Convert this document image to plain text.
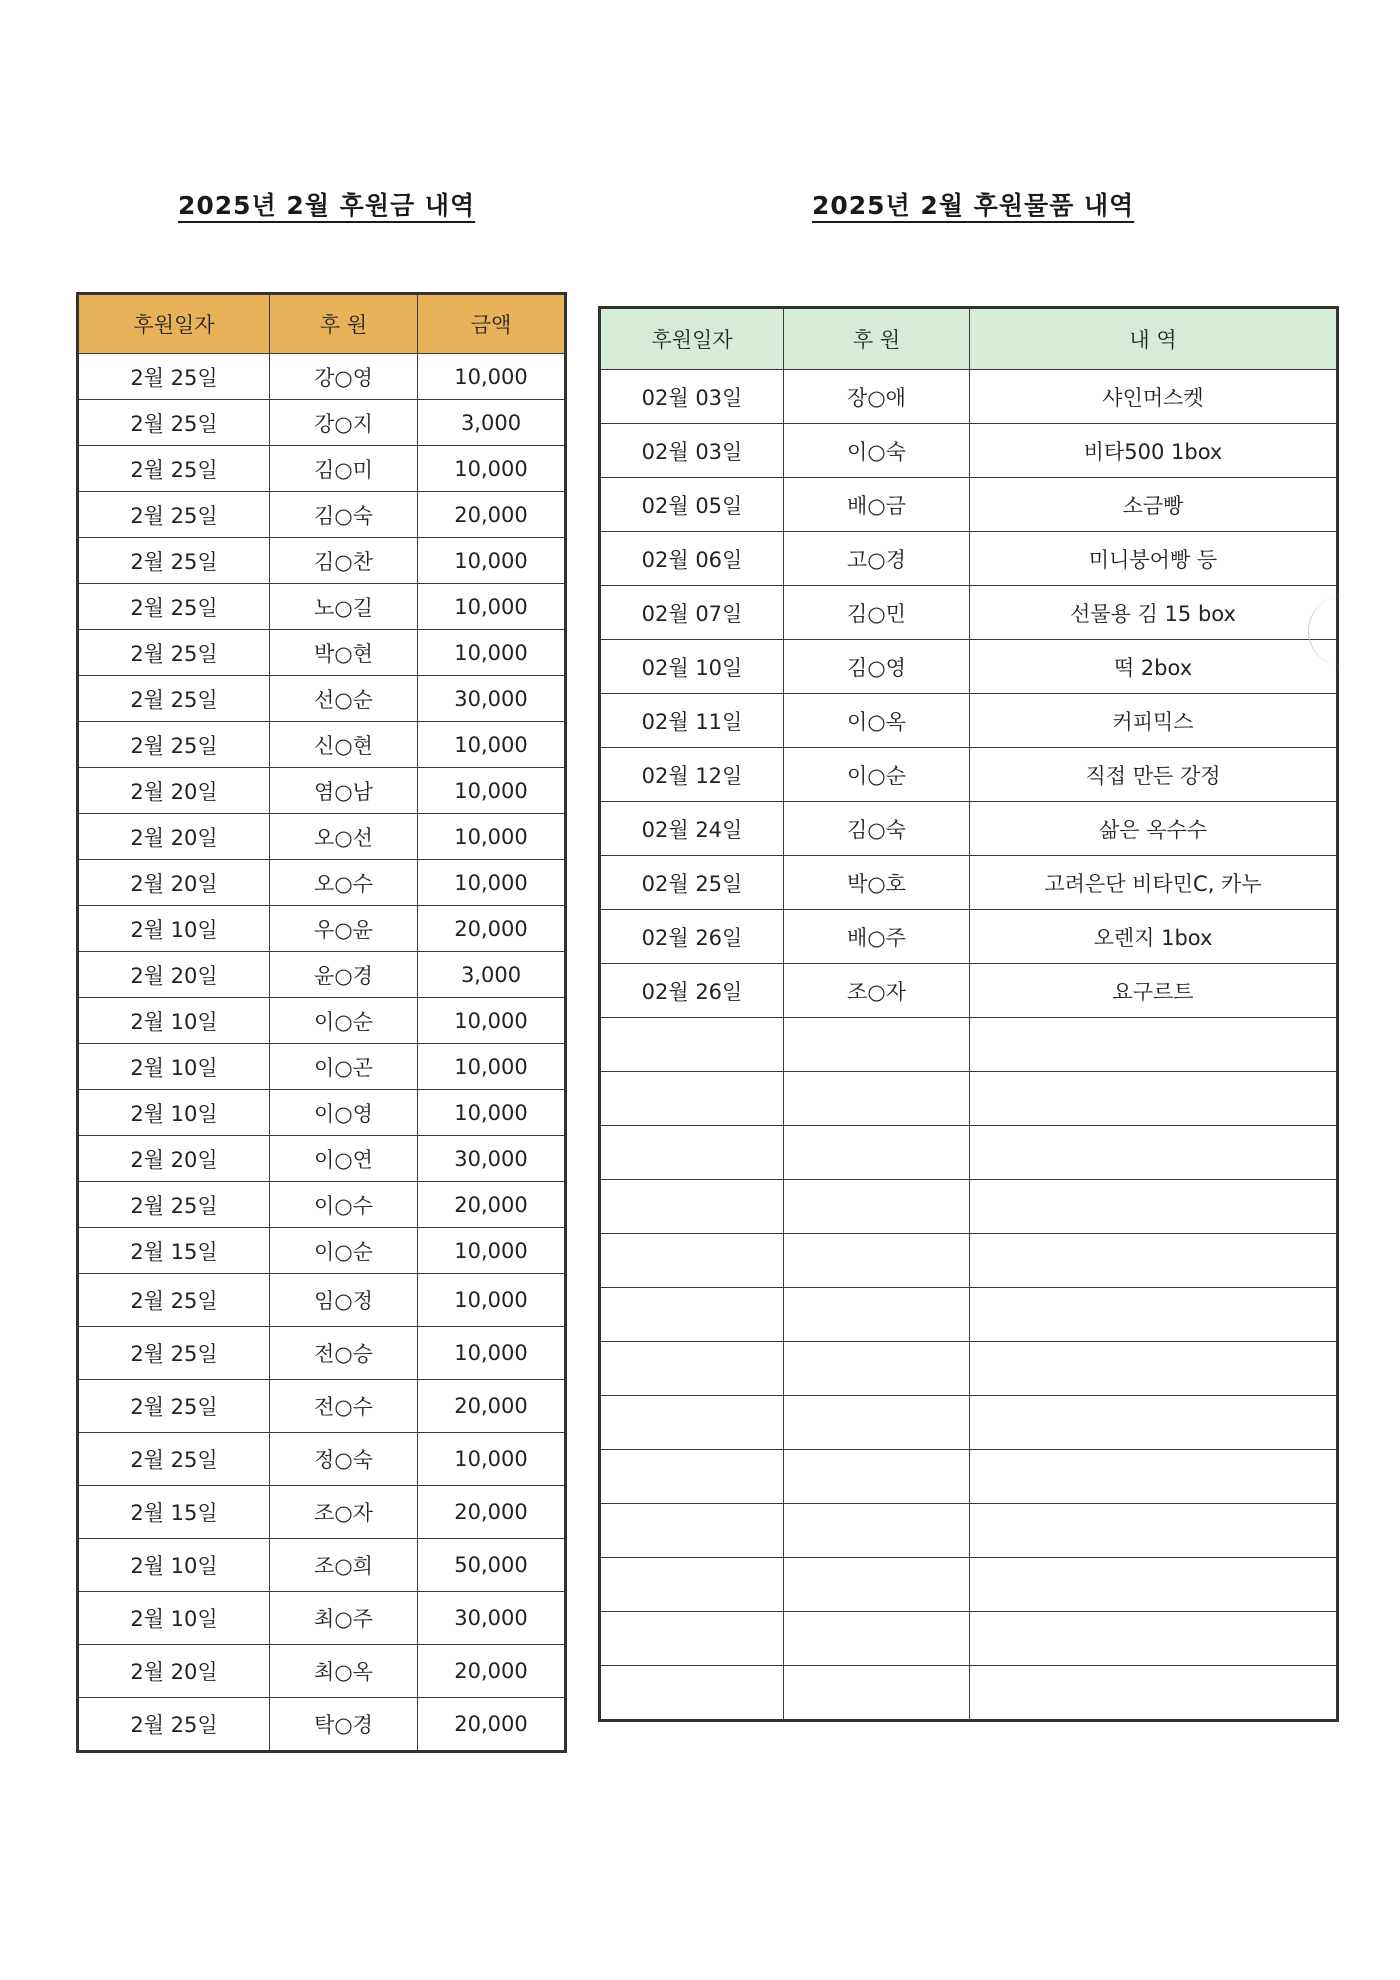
2025년 2월 후원금 내역	2025년 2월 후원물품 내역
후원일자	후 원	금액
2월 25일	강○영	10,000
2월 25일	강○지	3,000
2월 25일	김○미	10,000
2월 25일	김○숙	20,000
2월 25일	김○찬	10,000
2월 25일	노○길	10,000
2월 25일	박○현	10,000
2월 25일	선○순	30,000
2월 25일	신○현	10,000
2월 20일	염○남	10,000
2월 20일	오○선	10,000
2월 20일	오○수	10,000
2월 10일	우○윤	20,000
2월 20일	윤○경	3,000
2월 10일	이○순	10,000
2월 10일	이○곤	10,000
2월 10일	이○영	10,000
2월 20일	이○연	30,000
2월 25일	이○수	20,000
2월 15일	이○순	10,000
2월 25일	임○정	10,000
2월 25일	전○승	10,000
2월 25일	전○수	20,000
2월 25일	정○숙	10,000
2월 15일	조○자	20,000
2월 10일	조○희	50,000
2월 10일	최○주	30,000
2월 20일	최○옥	20,000
2월 25일	탁○경	20,000
후원일자	후 원	내 역
02월 03일	장○애	샤인머스켓
02월 03일	이○숙	비타500 1box
02월 05일	배○금	소금빵
02월 06일	고○경	미니붕어빵 등
02월 07일	김○민	선물용 김 15 box
02월 10일	김○영	떡 2box
02월 11일	이○옥	커피믹스
02월 12일	이○순	직접 만든 강정
02월 24일	김○숙	삶은 옥수수
02월 25일	박○호	고려은단 비타민C, 카누
02월 26일	배○주	오렌지 1box
02월 26일	조○자	요구르트
